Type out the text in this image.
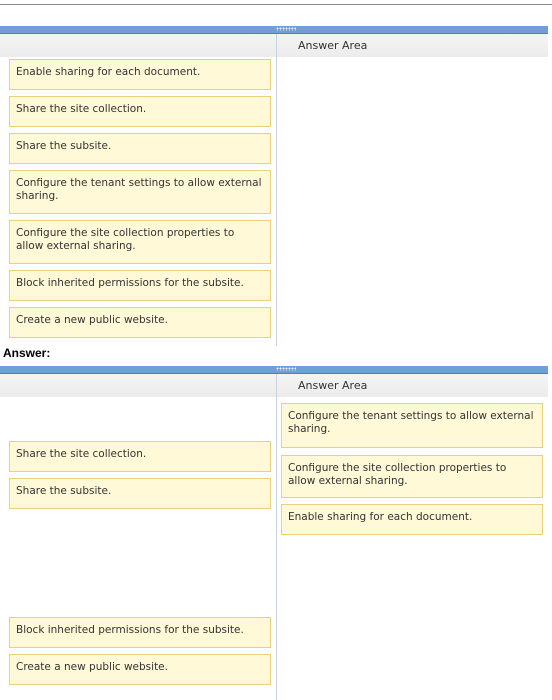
Enable sharing for each document.
Share the site collection.
Share the subsite.
Configure the tenant settings to allow external sharing.
Configure the site collection properties to allow external sharing.
Block inherited permissions for the subsite.
Create a new public website.
Answer Area
Answer:
Share the site collection.
Share the subsite.
Block inherited permissions for the subsite.
Create a new public website.
Answer Area
Configure the tenant settings to allow external sharing.
Configure the site collection properties to allow external sharing.
Enable sharing for each document.
